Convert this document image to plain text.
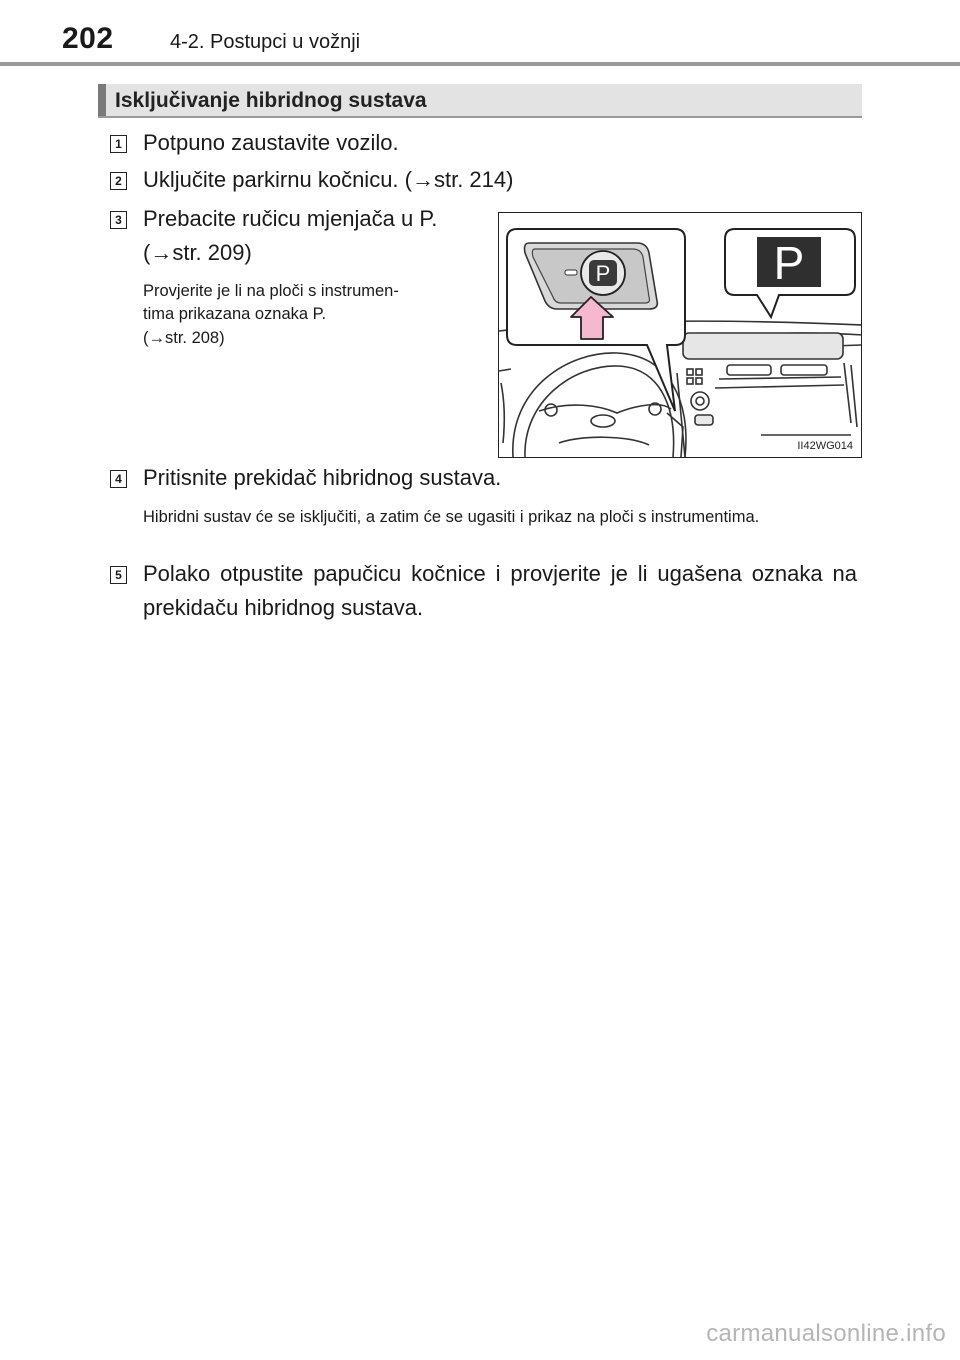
202	4-2. Postupci u vožnji
Isključivanje hibridnog sustava
1 Potpuno zaustavite vozilo.
2 Uključite parkirnu kočnicu. (→str. 214)
3 Prebacite ručicu mjenjača u P.
(→str. 209)
Provjerite je li na ploči s instrumen-
tima prikazana oznaka P.
(→str. 208)
P	P
II42WG014
4 Pritisnite prekidač hibridnog sustava.
Hibridni sustav će se isključiti, a zatim će se ugasiti i prikaz na ploči s instrumentima.
5 Polako otpustite papučicu kočnice i provjerite je li ugašena oznaka na prekidaču hibridnog sustava.
carmanualsonline.info
